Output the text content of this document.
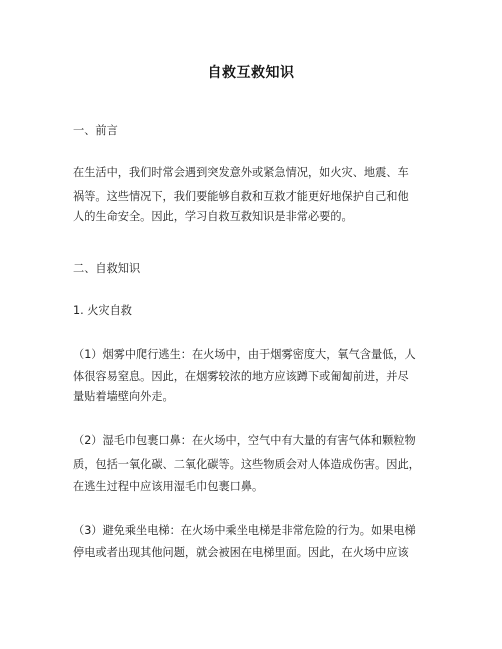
自救互救知识
一、前言
在生活中，我们时常会遇到突发意外或紧急情况，如火灾、地震、车
祸等。这些情况下，我们要能够自救和互救才能更好地保护自己和他
人的生命安全。因此，学习自救互救知识是非常必要的。
二、自救知识
1. 火灾自救
（1）烟雾中爬行逃生：在火场中，由于烟雾密度大，氧气含量低，人
体很容易窒息。因此，在烟雾较浓的地方应该蹲下或匍匐前进，并尽
量贴着墙壁向外走。
（2）湿毛巾包裹口鼻：在火场中，空气中有大量的有害气体和颗粒物
质，包括一氧化碳、二氧化碳等。这些物质会对人体造成伤害。因此，
在逃生过程中应该用湿毛巾包裹口鼻。
（3）避免乘坐电梯：在火场中乘坐电梯是非常危险的行为。如果电梯
停电或者出现其他问题，就会被困在电梯里面。因此，在火场中应该
